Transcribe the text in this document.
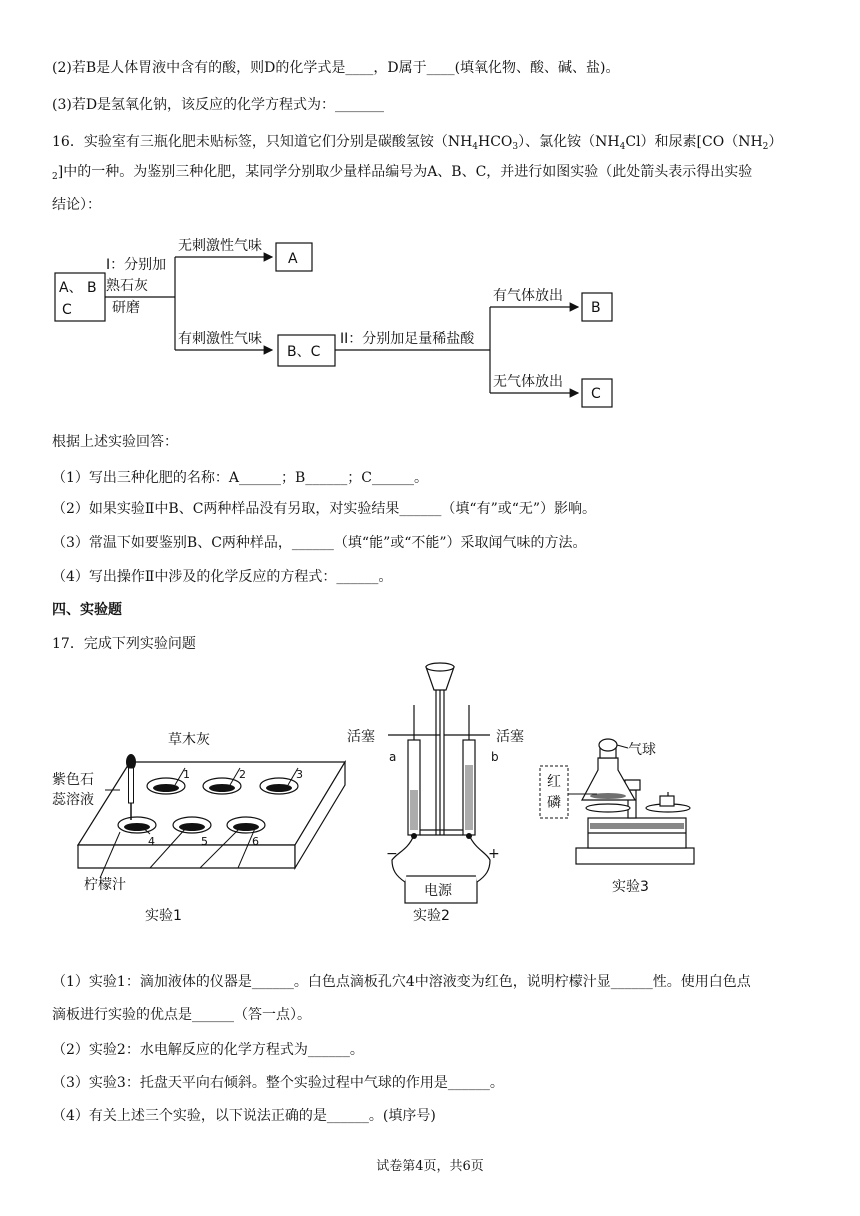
(2)若B是人体胃液中含有的酸，则D的化学式是____，D属于____(填氧化物、酸、碱、盐)。
(3)若D是氢氧化钠，该反应的化学方程式为：_______
16．实验室有三瓶化肥未贴标签，只知道它们分别是碳酸氢铵$(NH_4HCO_3)$、氯化铵$(NH_4Cl)$和尿素[$CO(NH_2)$
$_2$]中的一种。为鉴别三种化肥，某同学分别取少量样品编号为A、B、C，并进行如图实验（此处箭头表示得出实验
结论）：
A、 B
C
I：分别加
熟石灰
研磨
无刺激性气味
A
有刺激性气味
B、C
II：分别加足量稀盐酸
有气体放出
B
无气体放出
C
根据上述实验回答：
（1）写出三种化肥的名称：A______；B______；C______。
（2）如果实验Ⅱ中B、C两种样品没有另取，对实验结果______（填“有”或“无”）影响。
（3）常温下如要鉴别B、C两种样品，______（填“能”或“不能”）采取闻气味的方法。
（4）写出操作Ⅱ中涉及的化学反应的方程式：______。
四、实验题
17．完成下列实验问题
草木灰
紫色石
蕊溶液
柠檬汁
实验1
1	2	3
4	5	6
活塞	活塞
a	b
−	+
电源
实验2
气球
红
磷
实验3
（1）实验1：滴加液体的仪器是______。白色点滴板孔穴4中溶液变为红色，说明柠檬汁显______性。使用白色点
滴板进行实验的优点是______（答一点）。
（2）实验2：水电解反应的化学方程式为______。
（3）实验3：托盘天平向右倾斜。整个实验过程中气球的作用是______。
（4）有关上述三个实验，以下说法正确的是______。(填序号)
试卷第4页，共6页
